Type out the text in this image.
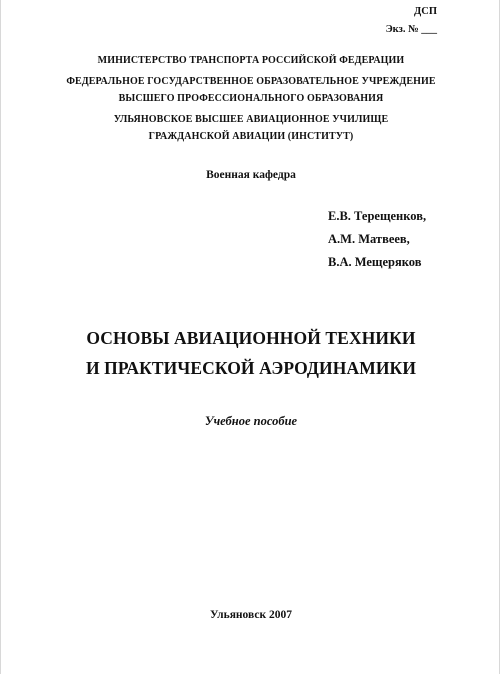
ДСП
Экз. № ___
МИНИСТЕРСТВО ТРАНСПОРТА РОССИЙСКОЙ ФЕДЕРАЦИИ
ФЕДЕРАЛЬНОЕ ГОСУДАРСТВЕННОЕ ОБРАЗОВАТЕЛЬНОЕ УЧРЕЖДЕНИЕ
ВЫСШЕГО ПРОФЕССИОНАЛЬНОГО ОБРАЗОВАНИЯ
УЛЬЯНОВСКОЕ ВЫСШЕЕ АВИАЦИОННОЕ УЧИЛИЩЕ
ГРАЖДАНСКОЙ АВИАЦИИ (ИНСТИТУТ)
Военная кафедра
Е.В. Терещенков,
А.М. Матвеев,
В.А. Мещеряков
ОСНОВЫ АВИАЦИОННОЙ ТЕХНИКИ
И ПРАКТИЧЕСКОЙ АЭРОДИНАМИКИ
Учебное пособие
Ульяновск 2007
